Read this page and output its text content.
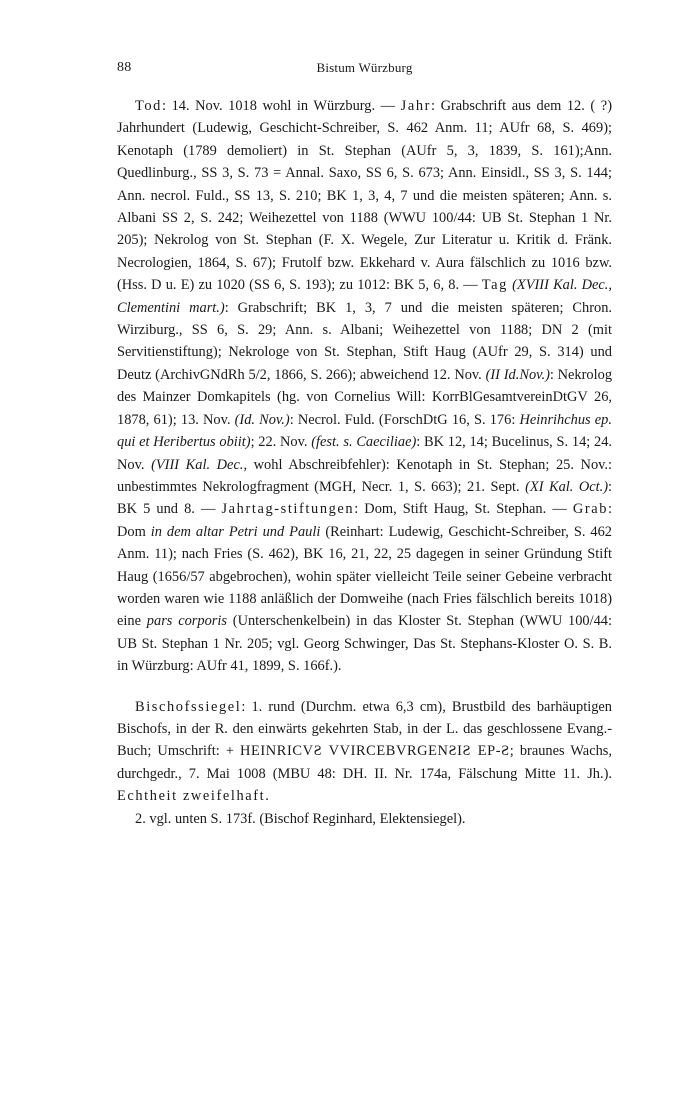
88	Bistum Würzburg

Tod: 14. Nov. 1018 wohl in Würzburg. — Jahr: Grabschrift aus dem 12. ( ?) Jahrhundert (Ludewig, Geschicht-Schreiber, S. 462 Anm. 11; AUfr 68, S. 469); Kenotaph (1789 demoliert) in St. Stephan (AUfr 5, 3, 1839, S. 161);Ann. Quedlinburg., SS 3, S. 73 = Annal. Saxo, SS 6, S. 673; Ann. Einsidl., SS 3, S. 144; Ann. necrol. Fuld., SS 13, S. 210; BK 1, 3, 4, 7 und die meisten späteren; Ann. s. Albani SS 2, S. 242; Weihezettel von 1188 (WWU 100/44: UB St. Stephan 1 Nr. 205); Nekrolog von St. Stephan (F. X. Wegele, Zur Literatur u. Kritik d. Fränk. Necrologien, 1864, S. 67); Frutolf bzw. Ekkehard v. Aura fälschlich zu 1016 bzw. (Hss. D u. E) zu 1020 (SS 6, S. 193); zu 1012: BK 5, 6, 8. — Tag (XVIII Kal. Dec., Clementini mart.): Grabschrift; BK 1, 3, 7 und die meisten späteren; Chron. Wirziburg., SS 6, S. 29; Ann. s. Albani; Weihezettel von 1188; DN 2 (mit Servitienstiftung); Nekrologe von St. Stephan, Stift Haug (AUfr 29, S. 314) und Deutz (ArchivGNdRh 5/2, 1866, S. 266); abweichend 12. Nov. (II Id.Nov.): Nekrolog des Mainzer Domkapitels (hg. von Cornelius Will: KorrBlGesamtvereinDtGV 26, 1878, 61); 13. Nov. (Id. Nov.): Necrol. Fuld. (ForschDtG 16, S. 176: Heinrihchus ep. qui et Heribertus obiit); 22. Nov. (fest. s. Caeciliae): BK 12, 14; Bucelinus, S. 14; 24. Nov. (VIII Kal. Dec., wohl Abschreibfehler): Kenotaph in St. Stephan; 25. Nov.: unbestimmtes Nekrologfragment (MGH, Necr. 1, S. 663); 21. Sept. (XI Kal. Oct.): BK 5 und 8. — Jahrtag-stiftungen: Dom, Stift Haug, St. Stephan. — Grab: Dom in dem altar Petri und Pauli (Reinhart: Ludewig, Geschicht-Schreiber, S. 462 Anm. 11); nach Fries (S. 462), BK 16, 21, 22, 25 dagegen in seiner Gründung Stift Haug (1656/57 abgebrochen), wohin später vielleicht Teile seiner Gebeine verbracht worden waren wie 1188 anläßlich der Domweihe (nach Fries fälschlich bereits 1018) eine pars corporis (Unterschenkelbein) in das Kloster St. Stephan (WWU 100/44: UB St. Stephan 1 Nr. 205; vgl. Georg Schwinger, Das St. Stephans-Kloster O. S. B. in Würzburg: AUfr 41, 1899, S. 166f.).

Bischofssiegel: 1. rund (Durchm. etwa 6,3 cm), Brustbild des barhäuptigen Bischofs, in der R. den einwärts gekehrten Stab, in der L. das geschlossene Evang.-Buch; Umschrift: + HEINRICVƧ VVIRCEBVRGENƧIƧ EP-Ƨ; braunes Wachs, durchgedr., 7. Mai 1008 (MBU 48: DH. II. Nr. 174a, Fälschung Mitte 11. Jh.). Echtheit zweifelhaft.

2. vgl. unten S. 173f. (Bischof Reginhard, Elektensiegel).
